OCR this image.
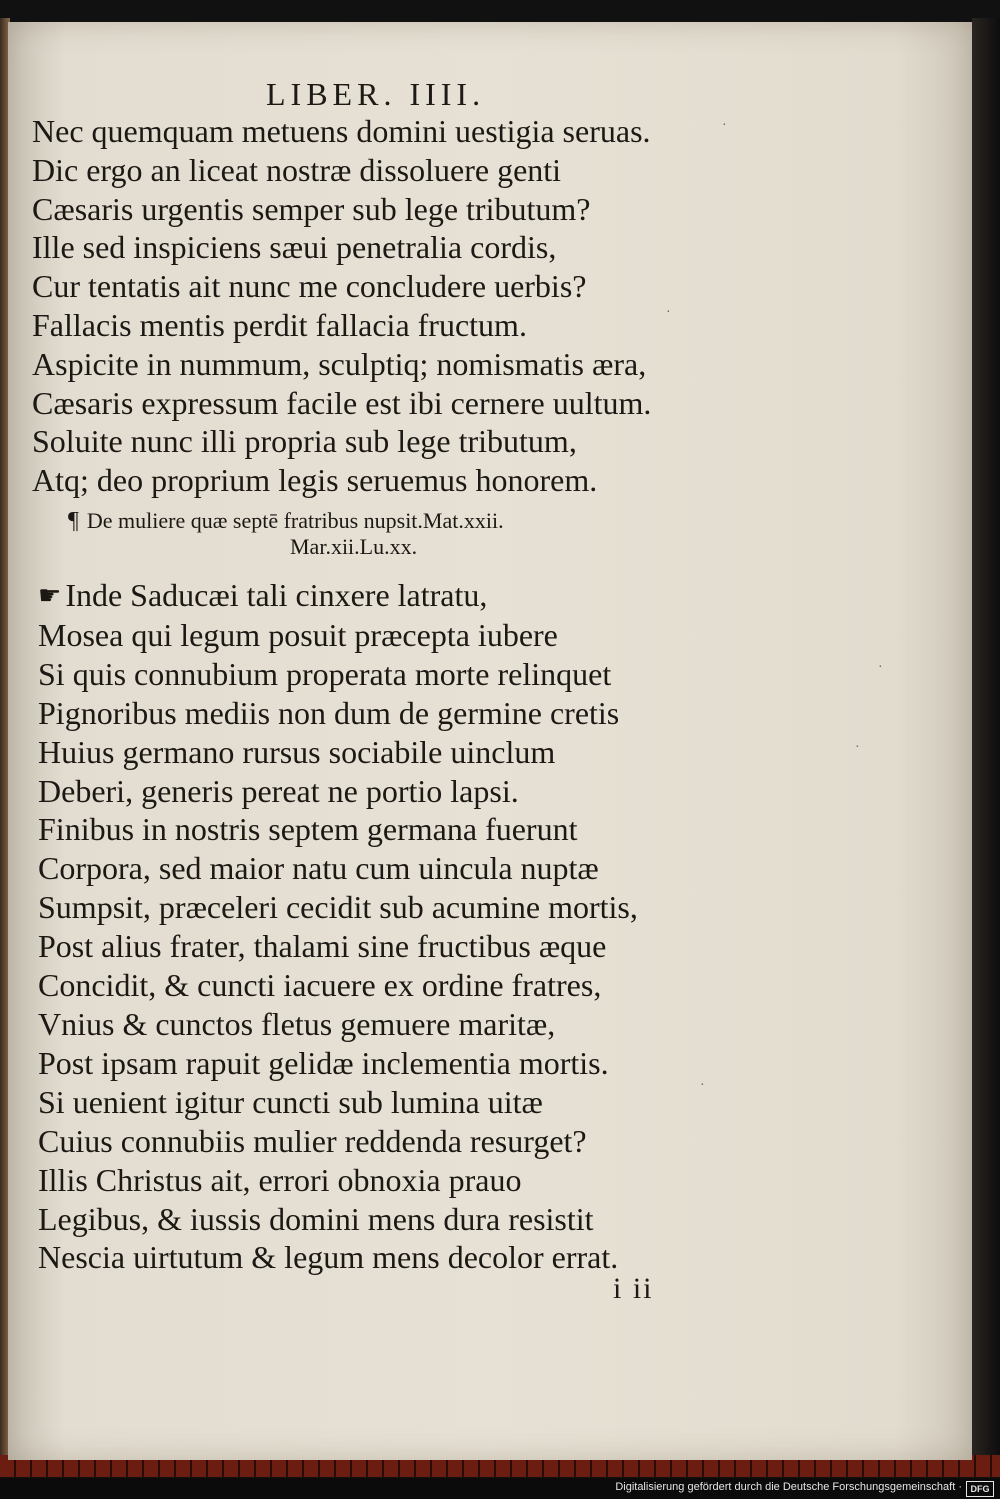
LIBER. IIII.
Nec quemquam metuens domini uestigia seruas.
Dic ergo an liceat nostræ dissoluere genti
Cæsaris urgentis semper sub lege tributum?
Ille sed inspiciens sæui penetralia cordis,
Cur tentatis ait nunc me concludere uerbis?
Fallacis mentis perdit fallacia fructum.
Aspicite in nummum, sculptiq; nomismatis æra,
Cæsaris expressum facile est ibi cernere uultum.
Soluite nunc illi propria sub lege tributum,
Atq; deo proprium legis seruemus honorem.
¶ De muliere quæ septē fratribus nupsit.Mat.xxii.
Mar.xii.Lu.xx.
☛ Inde Saducæi tali cinxere latratu,
Mosea qui legum posuit præcepta iubere
Si quis connubium properata morte relinquet
Pignoribus mediis non dum de germine cretis
Huius germano rursus sociabile uinclum
Deberi, generis pereat ne portio lapsi.
Finibus in nostris septem germana fuerunt
Corpora, sed maior natu cum uincula nuptæ
Sumpsit, præceleri cecidit sub acumine mortis,
Post alius frater, thalami sine fructibus æque
Concidit, & cuncti iacuere ex ordine fratres,
Vnius & cunctos fletus gemuere maritæ,
Post ipsam rapuit gelidæ inclementia mortis.
Si uenient igitur cuncti sub lumina uitæ
Cuius connubiis mulier reddenda resurget?
Illis Christus ait, errori obnoxia prauo
Legibus, & iussis domini mens dura resistit
Nescia uirtutum & legum mens decolor errat.
i ii
·
·
·
·
·
Digitalisierung gefördert durch die Deutsche Forschungsgemeinschaft · DFG
